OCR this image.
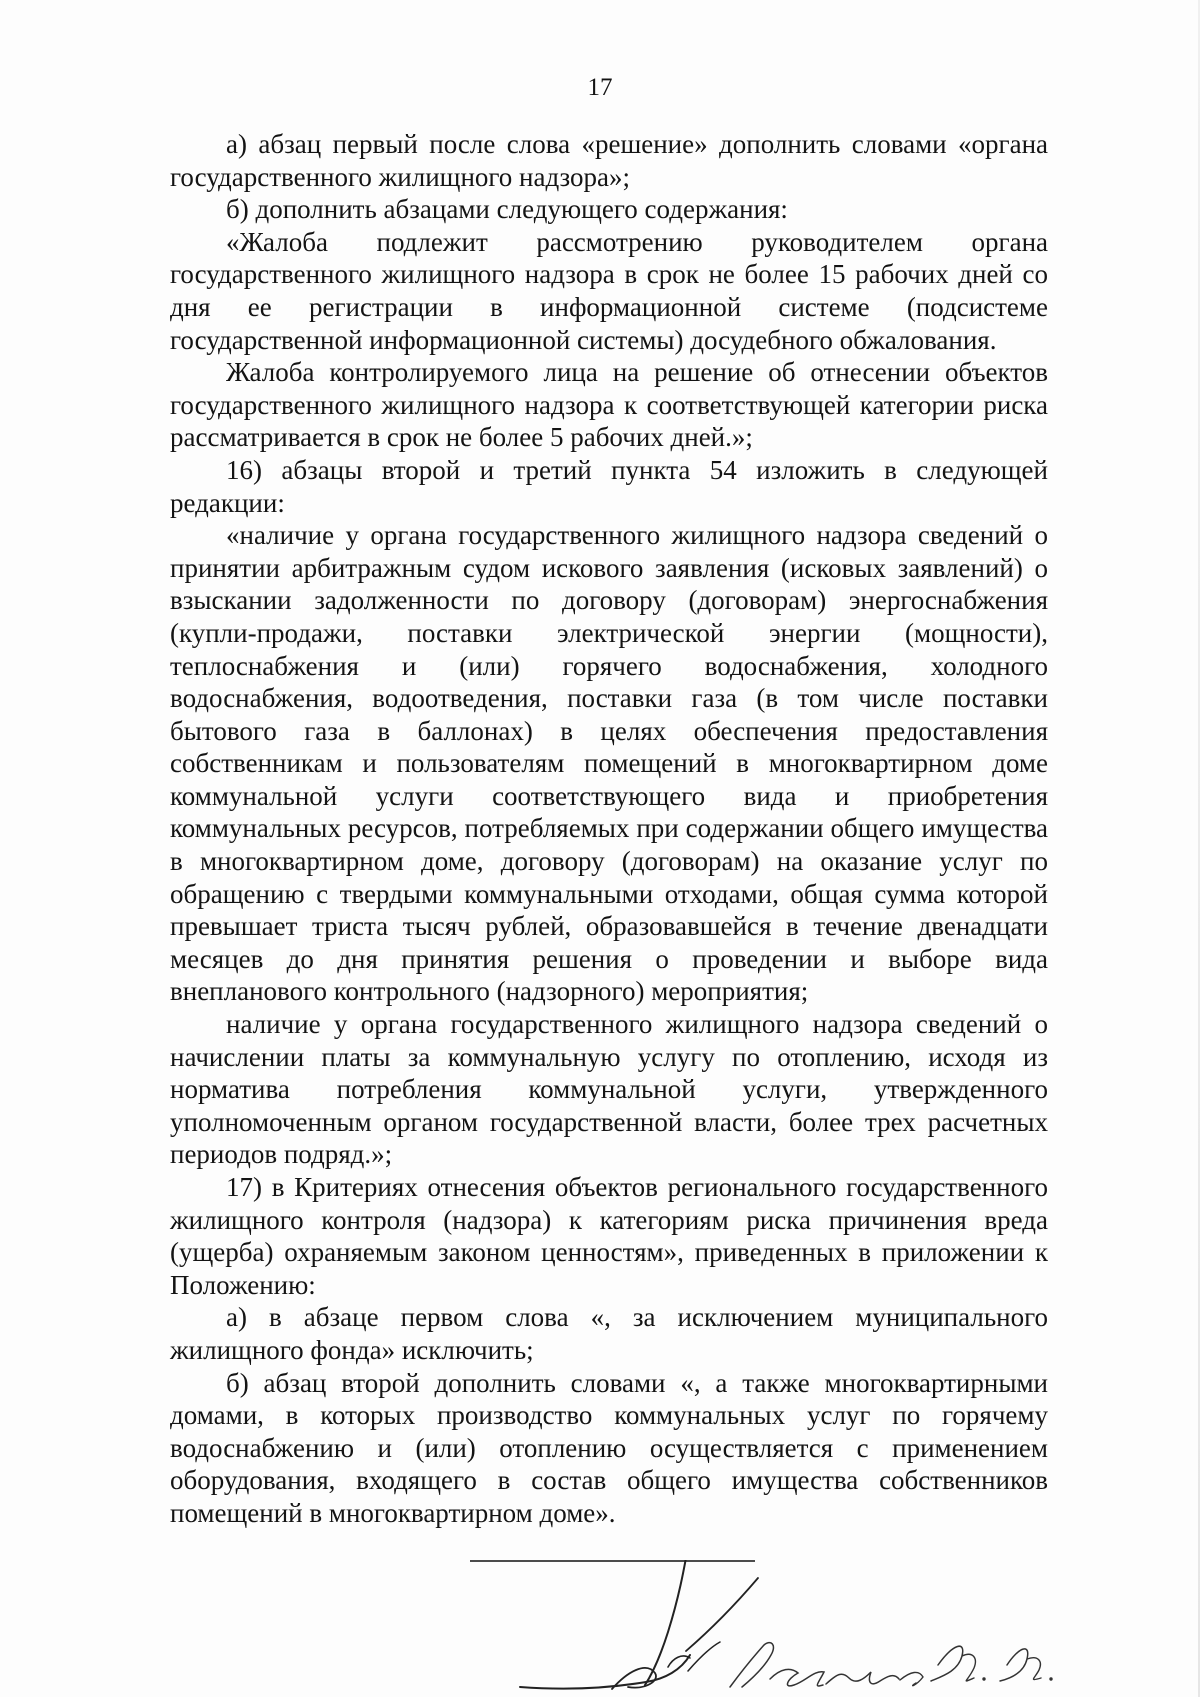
17

а) абзац первый после слова «решение» дополнить словами «органа государственного жилищного надзора»;

б) дополнить абзацами следующего содержания:

«Жалоба подлежит рассмотрению руководителем органа государственного жилищного надзора в срок не более 15 рабочих дней со дня ее регистрации в информационной системе (подсистеме государственной информационной системы) досудебного обжалования.

Жалоба контролируемого лица на решение об отнесении объектов государственного жилищного надзора к соответствующей категории риска рассматривается в срок не более 5 рабочих дней.»;

16) абзацы второй и третий пункта 54 изложить в следующей редакции:

«наличие у органа государственного жилищного надзора сведений о принятии арбитражным судом искового заявления (исковых заявлений) о взыскании задолженности по договору (договорам) энергоснабжения (купли-продажи, поставки электрической энергии (мощности), теплоснабжения и (или) горячего водоснабжения, холодного водоснабжения, водоотведения, поставки газа (в том числе поставки бытового газа в баллонах) в целях обеспечения предоставления собственникам и пользователям помещений в многоквартирном доме коммунальной услуги соответствующего вида и приобретения коммунальных ресурсов, потребляемых при содержании общего имущества в многоквартирном доме, договору (договорам) на оказание услуг по обращению с твердыми коммунальными отходами, общая сумма которой превышает триста тысяч рублей, образовавшейся в течение двенадцати месяцев до дня принятия решения о проведении и выборе вида внепланового контрольного (надзорного) мероприятия;

наличие у органа государственного жилищного надзора сведений о начислении платы за коммунальную услугу по отоплению, исходя из норматива потребления коммунальной услуги, утвержденного уполномоченным органом государственной власти, более трех расчетных периодов подряд.»;

17) в Критериях отнесения объектов регионального государственного жилищного контроля (надзора) к категориям риска причинения вреда (ущерба) охраняемым законом ценностям», приведенных в приложении к Положению:

а) в абзаце первом слова «, за исключением муниципального жилищного фонда» исключить;

б) абзац второй дополнить словами «, а также многоквартирными домами, в которых производство коммунальных услуг по горячему водоснабжению и (или) отоплению осуществляется с применением оборудования, входящего в состав общего имущества собственников помещений в многоквартирном доме».
